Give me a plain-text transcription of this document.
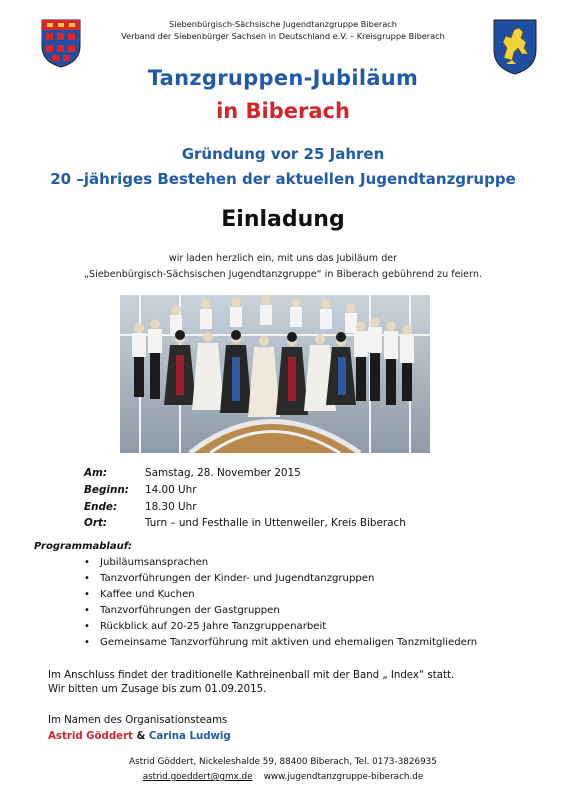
Siebenbürgisch-Sächsische Jugendtanzgruppe Biberach
Verband der Siebenbürger Sachsen in Deutschland e.V. – Kreisgruppe Biberach
Tanzgruppen-Jubiläum
in Biberach
Gründung vor 25 Jahren
20 –jähriges Bestehen der aktuellen Jugendtanzgruppe
Einladung
wir laden herzlich ein, mit uns das Jubiläum der
„Siebenbürgisch-Sächsischen Jugendtanzgruppe“ in Biberach gebührend zu feiern.
Am:	Samstag, 28. November 2015
Beginn: 14.00 Uhr
Ende:	18.30 Uhr
Ort:	Turn – und Festhalle in Uttenweiler, Kreis Biberach
Programmablauf:
• Jubiläumsansprachen
• Tanzvorführungen der Kinder- und Jugendtanzgruppen
• Kaffee und Kuchen
• Tanzvorführungen der Gastgruppen
• Rückblick auf 20-25 Jahre Tanzgruppenarbeit
• Gemeinsame Tanzvorführung mit aktiven und ehemaligen Tanzmitgliedern
Im Anschluss findet der traditionelle Kathreinenball mit der Band „ Index“ statt.
Wir bitten um Zusage bis zum 01.09.2015.
Im Namen des Organisationsteams
Astrid Göddert & Carina Ludwig
Astrid Göddert, Nickeleshalde 59, 88400 Biberach, Tel. 0173-3826935
astrid.goeddert@gmx.de www.jugendtanzgruppe-biberach.de
